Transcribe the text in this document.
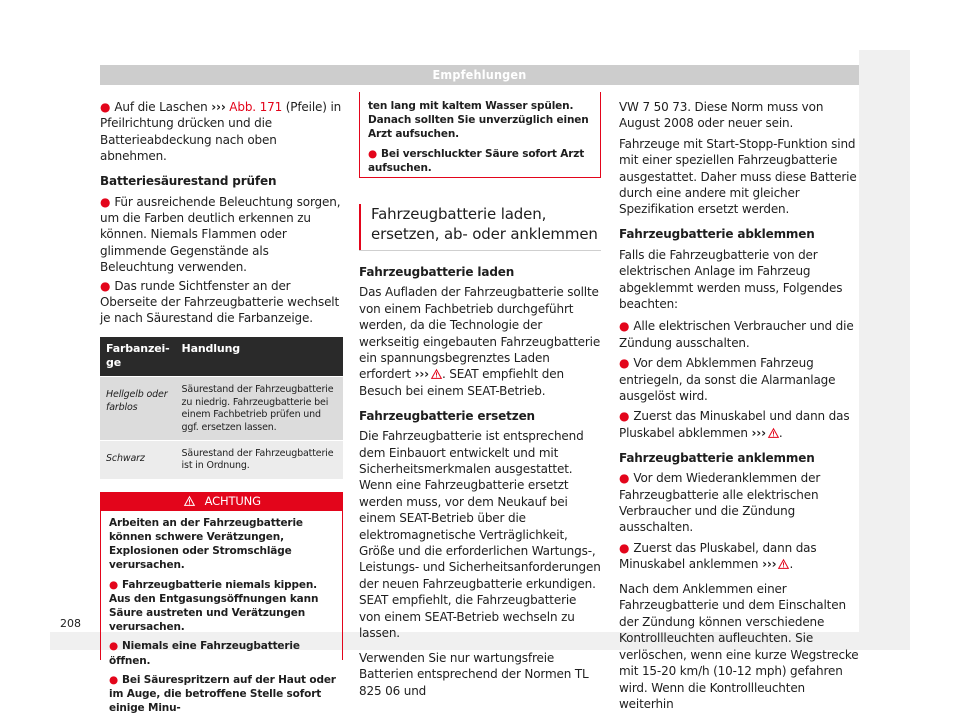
Empfehlungen

● Auf die Laschen ››› Abb. 171 (Pfeile) in Pfeilrichtung drücken und die Batterieabdeckung nach oben abnehmen.

Batteriesäurestand prüfen

● Für ausreichende Beleuchtung sorgen, um die Farben deutlich erkennen zu können. Niemals Flammen oder glimmende Gegenstände als Beleuchtung verwenden.

● Das runde Sichtfenster an der Oberseite der Fahrzeugbatterie wechselt je nach Säurestand die Farbanzeige.

Farbanzei-ge	Handlung

Hellgelb oder farblos	Säurestand der Fahrzeugbatterie zu niedrig. Fahrzeugbatterie bei einem Fachbetrieb prüfen und ggf. ersetzen lassen.

Schwarz	Säurestand der Fahrzeugbatterie ist in Ordnung.
ACHTUNG

Arbeiten an der Fahrzeugbatterie können schwere Verätzungen, Explosionen oder Stromschläge verursachen.

● Fahrzeugbatterie niemals kippen. Aus den Entgasungsöffnungen kann Säure austreten und Verätzungen verursachen.

● Niemals eine Fahrzeugbatterie öffnen.

● Bei Säurespritzern auf der Haut oder im Auge, die betroffene Stelle sofort einige Minu-

ten lang mit kaltem Wasser spülen. Danach sollten Sie unverzüglich einen Arzt aufsuchen.

● Bei verschluckter Säure sofort Arzt aufsuchen.

Fahrzeugbatterie laden, ersetzen, ab- oder anklemmen

Fahrzeugbatterie laden

Das Aufladen der Fahrzeugbatterie sollte von einem Fachbetrieb durchgeführt werden, da die Technologie der werkseitig eingebauten Fahrzeugbatterie ein spannungsbegrenztes Laden erfordert ››› . SEAT empfiehlt den Besuch bei einem SEAT-Betrieb.

Fahrzeugbatterie ersetzen

Die Fahrzeugbatterie ist entsprechend dem Einbauort entwickelt und mit Sicherheitsmerkmalen ausgestattet. Wenn eine Fahrzeugbatterie ersetzt werden muss, vor dem Neukauf bei einem SEAT-Betrieb über die elektromagnetische Verträglichkeit, Größe und die erforderlichen Wartungs-, Leistungs- und Sicherheitsanforderungen der neuen Fahrzeugbatterie erkundigen. SEAT empfiehlt, die Fahrzeugbatterie von einem SEAT-Betrieb wechseln zu lassen.

Verwenden Sie nur wartungsfreie Batterien entsprechend der Normen TL 825 06 und

VW 7 50 73. Diese Norm muss von August 2008 oder neuer sein.

Fahrzeuge mit Start-Stopp-Funktion sind mit einer speziellen Fahrzeugbatterie ausgestattet. Daher muss diese Batterie durch eine andere mit gleicher Spezifikation ersetzt werden.

Fahrzeugbatterie abklemmen

Falls die Fahrzeugbatterie von der elektrischen Anlage im Fahrzeug abgeklemmt werden muss, Folgendes beachten:

● Alle elektrischen Verbraucher und die Zündung ausschalten.

● Vor dem Abklemmen Fahrzeug entriegeln, da sonst die Alarmanlage ausgelöst wird.

● Zuerst das Minuskabel und dann das Pluskabel abklemmen ››› .

Fahrzeugbatterie anklemmen

● Vor dem Wiederanklemmen der Fahrzeugbatterie alle elektrischen Verbraucher und die Zündung ausschalten.

● Zuerst das Pluskabel, dann das Minuskabel anklemmen ››› .

Nach dem Anklemmen einer Fahrzeugbatterie und dem Einschalten der Zündung können verschiedene Kontrollleuchten aufleuchten. Sie verlöschen, wenn eine kurze Wegstrecke mit 15-20 km/h (10-12 mph) gefahren wird. Wenn die Kontrollleuchten weiterhin

208
